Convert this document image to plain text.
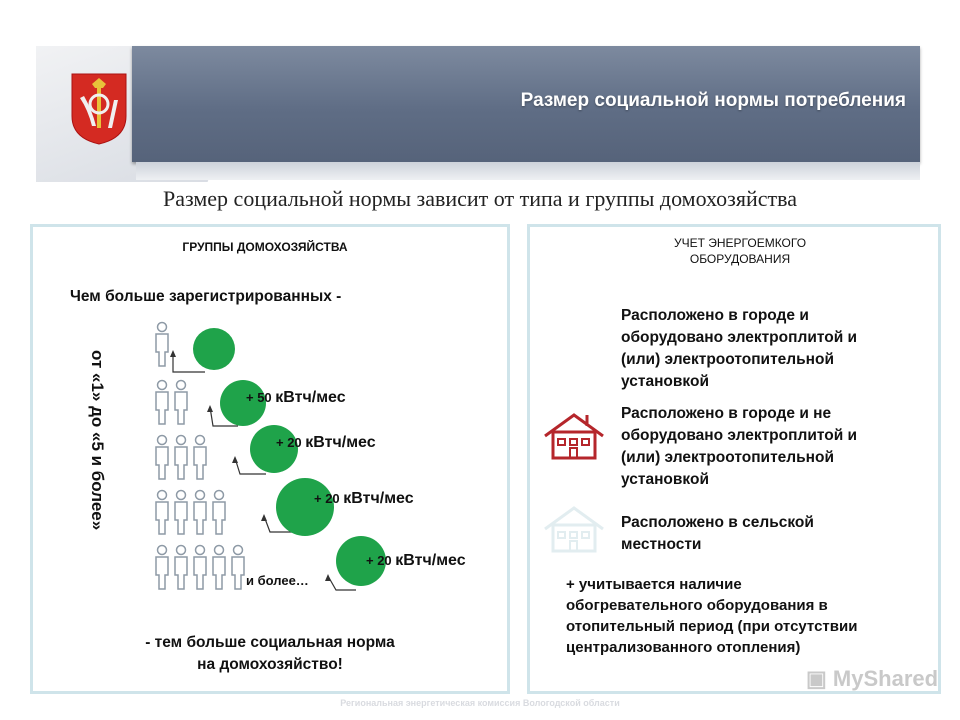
Размер социальной нормы потребления
Размер социальной нормы зависит от типа и группы домохозяйства
ГРУППЫ ДОМОХОЗЯЙСТВА
Чем больше зарегистрированных -
от «1» до «5 и более»	+ 50 кВтч/мес
+ 20 кВтч/мес
+ 20 кВтч/мес
+ 20 кВтч/мес
и более…
- тем больше социальная норма
на домохозяйство!
УЧЕТ ЭНЕРГОЕМКОГО
ОБОРУДОВАНИЯ
Расположено в городе и
оборудовано электроплитой и
(или) электроотопительной
установкой
Расположено в городе и не
оборудовано электроплитой и
(или) электроотопительной
установкой
Расположено в сельской
местности
+ учитывается наличие
обогревательного оборудования в
отопительный период (при отсутствии
централизованного отопления)
Региональная энергетическая комиссия Вологодской области
▣ MyShared
